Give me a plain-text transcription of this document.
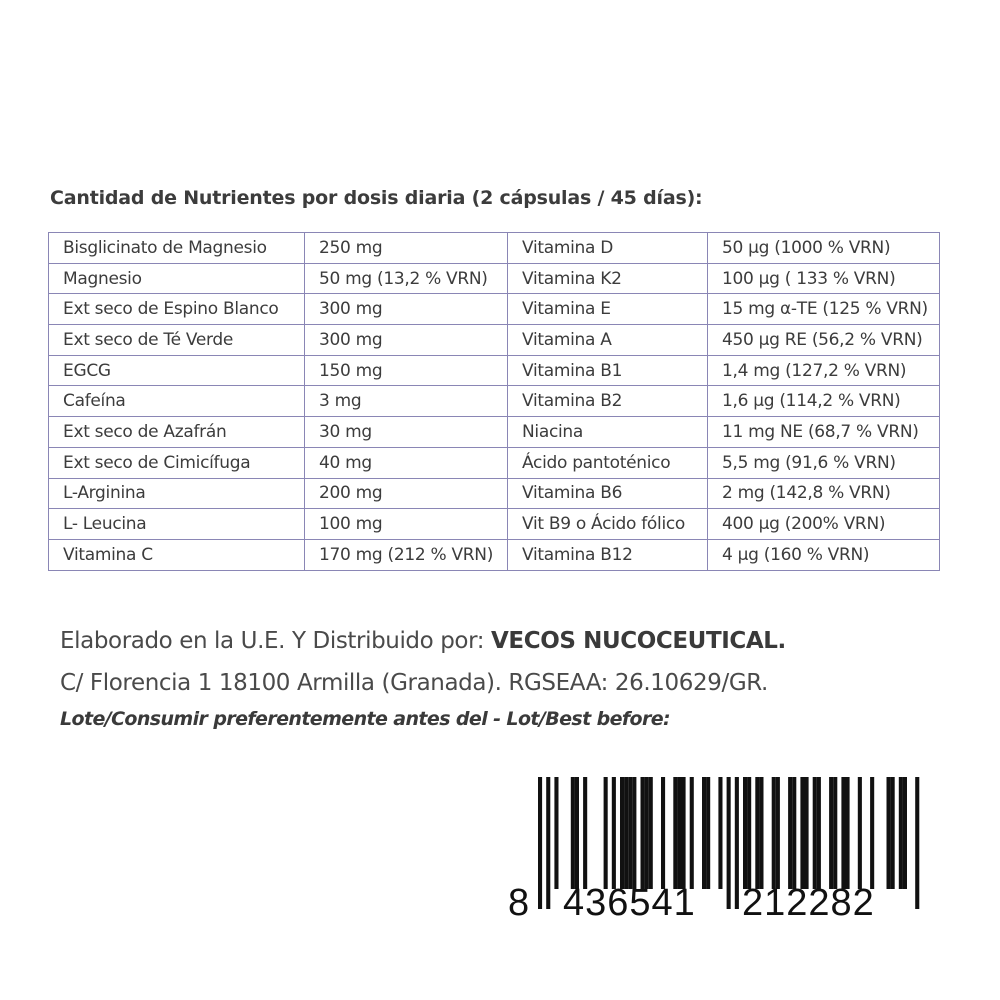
Cantidad de Nutrientes por dosis diaria (2 cápsulas / 45 días):
Bisglicinato de Magnesio	250 mg	Vitamina D	50 µg (1000 % VRN)
Magnesio	50 mg (13,2 % VRN)	Vitamina K2	100 µg ( 133 % VRN)
Ext seco de Espino Blanco	300 mg	Vitamina E	15 mg α-TE (125 % VRN)
Ext seco de Té Verde	300 mg	Vitamina A	450 µg RE (56,2 % VRN)
EGCG	150 mg	Vitamina B1	1,4 mg (127,2 % VRN)
Cafeína	3 mg	Vitamina B2	1,6 µg (114,2 % VRN)
Ext seco de Azafrán	30 mg	Niacina	11 mg NE (68,7 % VRN)
Ext seco de Cimicífuga	40 mg	Ácido pantoténico	5,5 mg (91,6 % VRN)
L-Arginina	200 mg	Vitamina B6	2 mg (142,8 % VRN)
L- Leucina	100 mg	Vit B9 o Ácido fólico	400 µg (200% VRN)
Vitamina C	170 mg (212 % VRN)	Vitamina B12	4 µg (160 % VRN)
Elaborado en la U.E. Y Distribuido por: VECOS NUCOCEUTICAL.
C/ Florencia 1 18100 Armilla (Granada). RGSEAA: 26.10629/GR.
Lote/Consumir preferentemente antes del - Lot/Best before:
8 436541 212282
